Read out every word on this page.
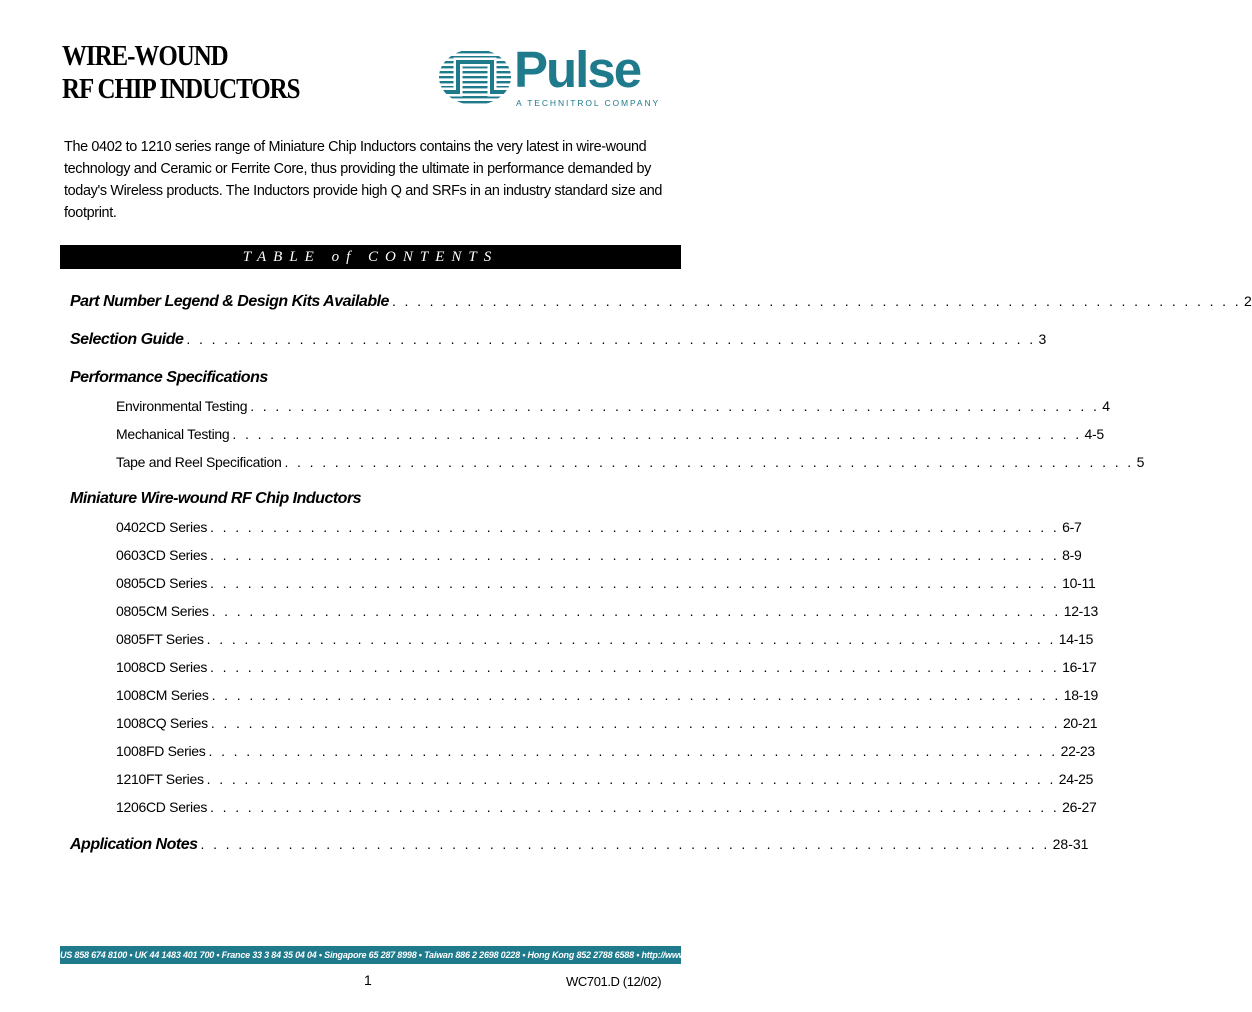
WIRE-WOUND
RF CHIP INDUCTORS	Pulse
A TECHNITROL COMPANY
The 0402 to 1210 series range of Miniature Chip Inductors contains the very latest in wire-wound technology and Ceramic or Ferrite Core, thus providing the ultimate in performance demanded by today's Wireless products. The Inductors provide high Q and SRFs in an industry standard size and footprint.
TABLE of CONTENTS
Part Number Legend & Design Kits Available . . . . . . . . . . . . . . . . . . . . . . . . . . . . . . . . . . . . . . . . . . . . . . . . . . . . . . . . . . . . . . . . . . . . 2
Selection Guide . . . . . . . . . . . . . . . . . . . . . . . . . . . . . . . . . . . . . . . . . . . . . . . . . . . . . . . . . . . . . . . . . . . . 3
Performance Specifications
Environmental Testing . . . . . . . . . . . . . . . . . . . . . . . . . . . . . . . . . . . . . . . . . . . . . . . . . . . . . . . . . . . . . . . . . . . . 4
Mechanical Testing . . . . . . . . . . . . . . . . . . . . . . . . . . . . . . . . . . . . . . . . . . . . . . . . . . . . . . . . . . . . . . . . . . . . 4-5
Tape and Reel Specification . . . . . . . . . . . . . . . . . . . . . . . . . . . . . . . . . . . . . . . . . . . . . . . . . . . . . . . . . . . . . . . . . . . . 5
Miniature Wire-wound RF Chip Inductors
0402CD Series . . . . . . . . . . . . . . . . . . . . . . . . . . . . . . . . . . . . . . . . . . . . . . . . . . . . . . . . . . . . . . . . . . . . 6-7
0603CD Series . . . . . . . . . . . . . . . . . . . . . . . . . . . . . . . . . . . . . . . . . . . . . . . . . . . . . . . . . . . . . . . . . . . . 8-9
0805CD Series . . . . . . . . . . . . . . . . . . . . . . . . . . . . . . . . . . . . . . . . . . . . . . . . . . . . . . . . . . . . . . . . . . . . 10-11
0805CM Series . . . . . . . . . . . . . . . . . . . . . . . . . . . . . . . . . . . . . . . . . . . . . . . . . . . . . . . . . . . . . . . . . . . . 12-13
0805FT Series . . . . . . . . . . . . . . . . . . . . . . . . . . . . . . . . . . . . . . . . . . . . . . . . . . . . . . . . . . . . . . . . . . . . 14-15
1008CD Series . . . . . . . . . . . . . . . . . . . . . . . . . . . . . . . . . . . . . . . . . . . . . . . . . . . . . . . . . . . . . . . . . . . . 16-17
1008CM Series . . . . . . . . . . . . . . . . . . . . . . . . . . . . . . . . . . . . . . . . . . . . . . . . . . . . . . . . . . . . . . . . . . . . 18-19
1008CQ Series . . . . . . . . . . . . . . . . . . . . . . . . . . . . . . . . . . . . . . . . . . . . . . . . . . . . . . . . . . . . . . . . . . . . 20-21
1008FD Series . . . . . . . . . . . . . . . . . . . . . . . . . . . . . . . . . . . . . . . . . . . . . . . . . . . . . . . . . . . . . . . . . . . . 22-23
1210FT Series . . . . . . . . . . . . . . . . . . . . . . . . . . . . . . . . . . . . . . . . . . . . . . . . . . . . . . . . . . . . . . . . . . . . 24-25
1206CD Series . . . . . . . . . . . . . . . . . . . . . . . . . . . . . . . . . . . . . . . . . . . . . . . . . . . . . . . . . . . . . . . . . . . . 26-27
Application Notes . . . . . . . . . . . . . . . . . . . . . . . . . . . . . . . . . . . . . . . . . . . . . . . . . . . . . . . . . . . . . . . . . . . . 28-31
US 858 674 8100 • UK 44 1483 401 700 • France 33 3 84 35 04 04 • Singapore 65 287 8998 • Taiwan 886 2 2698 0228 • Hong Kong 852 2788 6588 • http://www.pulseeng.com
1	WC701.D (12/02)
